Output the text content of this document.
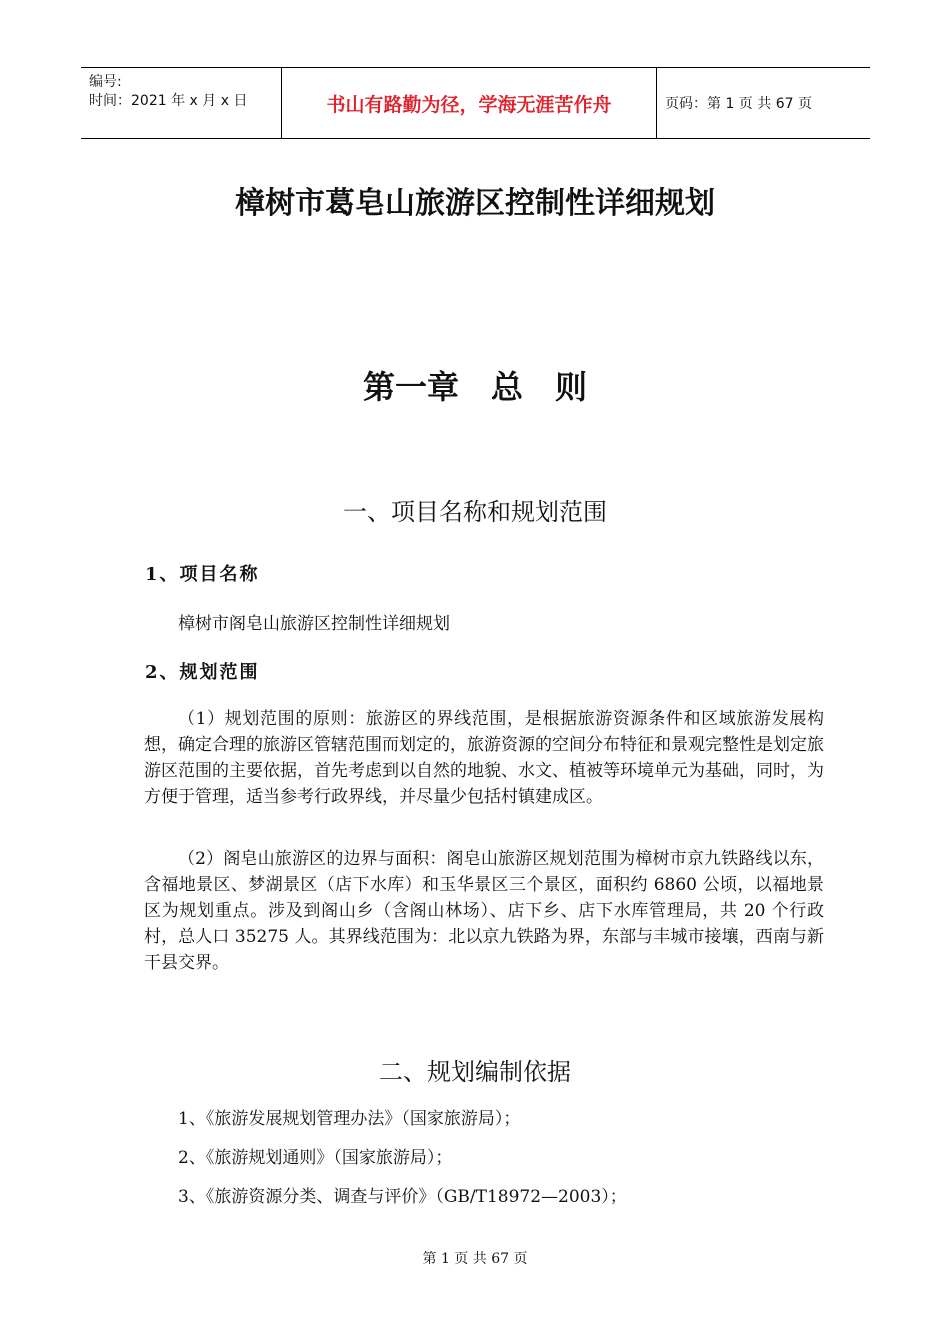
编号:
时间：2021 年 x 月 x 日	书山有路勤为径，学海无涯苦作舟	页码：第 1 页 共 67 页
樟树市葛皂山旅游区控制性详细规划
第一章　总　则
一、项目名称和规划范围
1、项目名称
樟树市阁皂山旅游区控制性详细规划
2、规划范围
（1）规划范围的原则：旅游区的界线范围，是根据旅游资源条件和区域旅游发展构想，确定合理的旅游区管辖范围而划定的，旅游资源的空间分布特征和景观完整性是划定旅游区范围的主要依据，首先考虑到以自然的地貌、水文、植被等环境单元为基础，同时，为方便于管理，适当参考行政界线，并尽量少包括村镇建成区。
（2）阁皂山旅游区的边界与面积：阁皂山旅游区规划范围为樟树市京九铁路线以东，含福地景区、梦湖景区（店下水库）和玉华景区三个景区，面积约 6860 公顷，以福地景区为规划重点。涉及到阁山乡（含阁山林场）、店下乡、店下水库管理局，共 20 个行政村，总人口 35275 人。其界线范围为：北以京九铁路为界，东部与丰城市接壤，西南与新干县交界。
二、规划编制依据
1、《旅游发展规划管理办法》（国家旅游局）；
2、《旅游规划通则》（国家旅游局）；
3、《旅游资源分类、调查与评价》（GB/T18972—2003）；
第 1 页 共 67 页
